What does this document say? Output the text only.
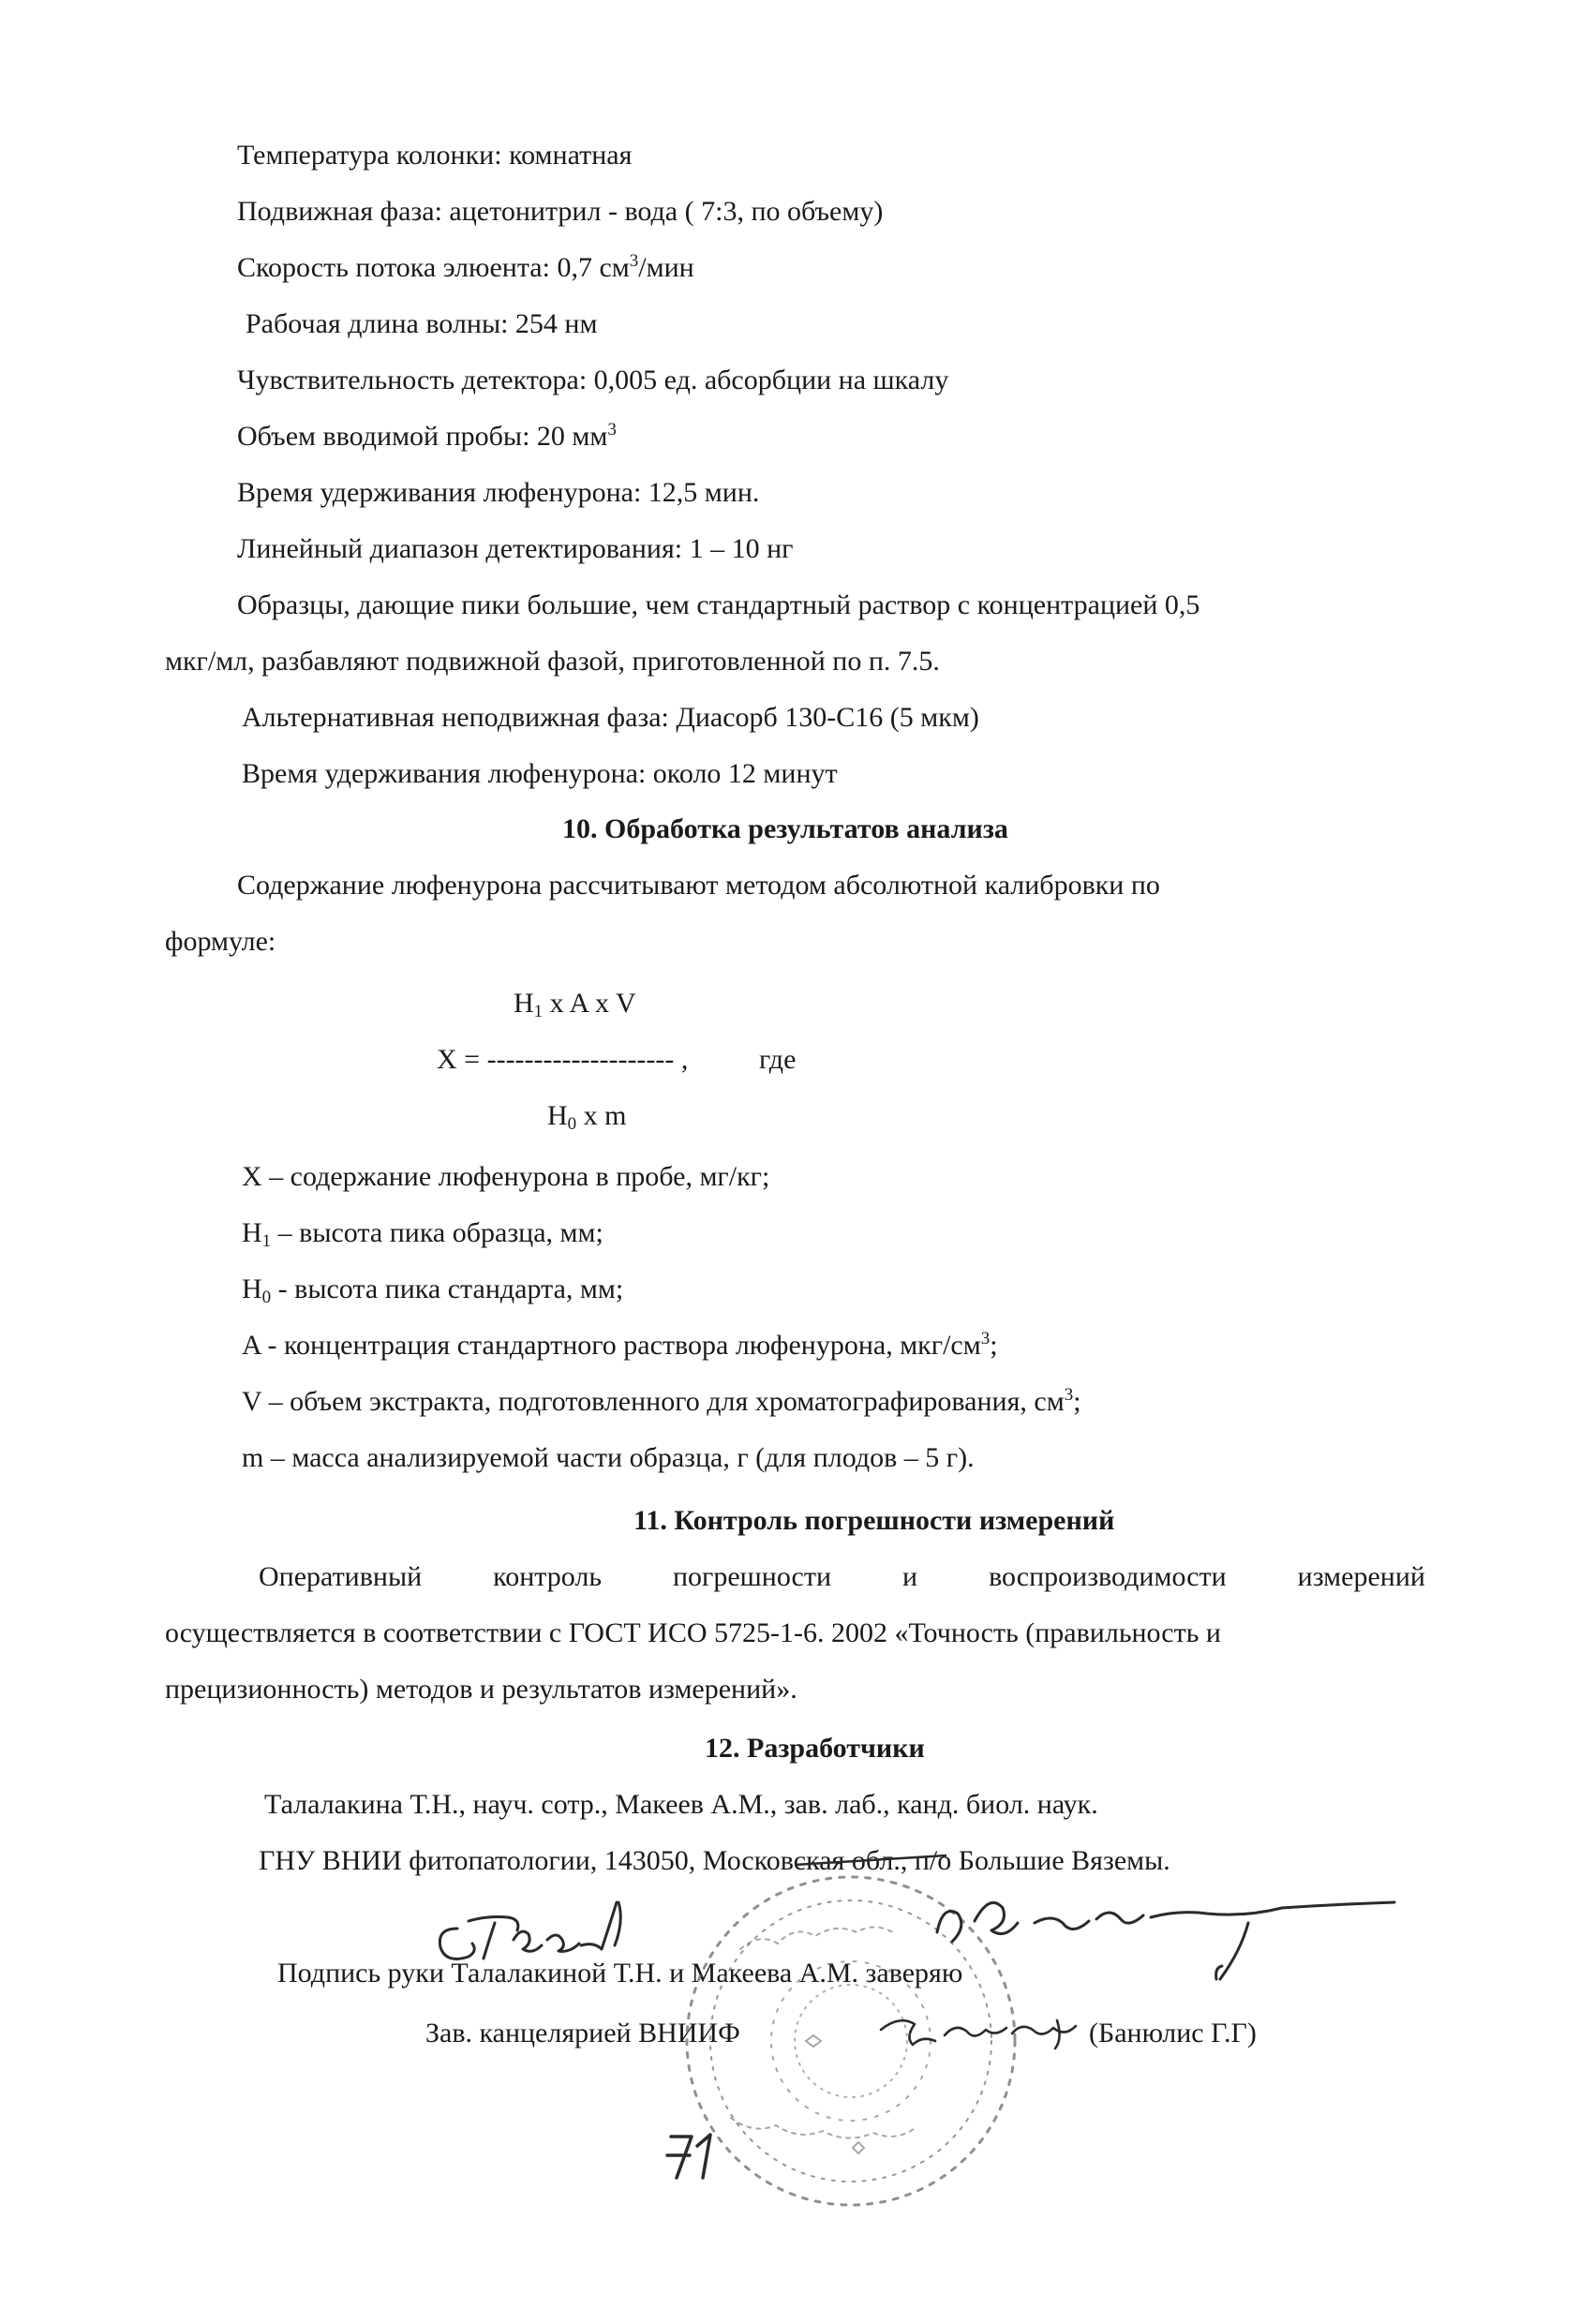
Температура колонки: комнатная
Подвижная фаза: ацетонитрил - вода ( 7:3, по объему)
Скорость потока элюента: 0,7 $см^3$/мин
Рабочая длина волны: 254 нм
Чувствительность детектора: 0,005 ед. абсорбции на шкалу
Объем вводимой пробы: 20 $мм^3$
Время удерживания люфенурона: 12,5 мин.
Линейный диапазон детектирования: 1 – 10 нг
Образцы, дающие пики большие, чем стандартный раствор с концентрацией 0,5
мкг/мл, разбавляют подвижной фазой, приготовленной по п. 7.5.
Альтернативная неподвижная фаза: Диасорб 130-С16 (5 мкм)
Время удерживания люфенурона: около 12 минут
10. Обработка результатов анализа
Содержание люфенурона рассчитывают методом абсолютной калибровки по
формуле:
$H_1$ x A x V
X = -------------------- ,	где
$H_0$ x m
X – содержание люфенурона в пробе, мг/кг;
$H_1$ – высота пика образца, мм;
$H_0$ - высота пика стандарта, мм;
A - концентрация стандартного раствора люфенурона, мкг/$см^3$;
V – объем экстракта, подготовленного для хроматографирования, $см^3$;
m – масса анализируемой части образца, г (для плодов – 5 г).
11. Контроль погрешности измерений
Оперативный	контроль	погрешности	и	воспроизводимости	измерений
осуществляется в соответствии с ГОСТ ИСО 5725-1-6. 2002 «Точность (правильность и
прецизионность) методов и результатов измерений».
12. Разработчики
Талалакина Т.Н., науч. сотр., Макеев А.М., зав. лаб., канд. биол. наук.
ГНУ ВНИИ фитопатологии, 143050, Московская обл., п/о Большие Вяземы.
Подпись руки Талалакиной Т.Н. и Макеева А.М. заверяю
Зав. канцелярией ВНИИФ	(Банюлис Г.Г)
